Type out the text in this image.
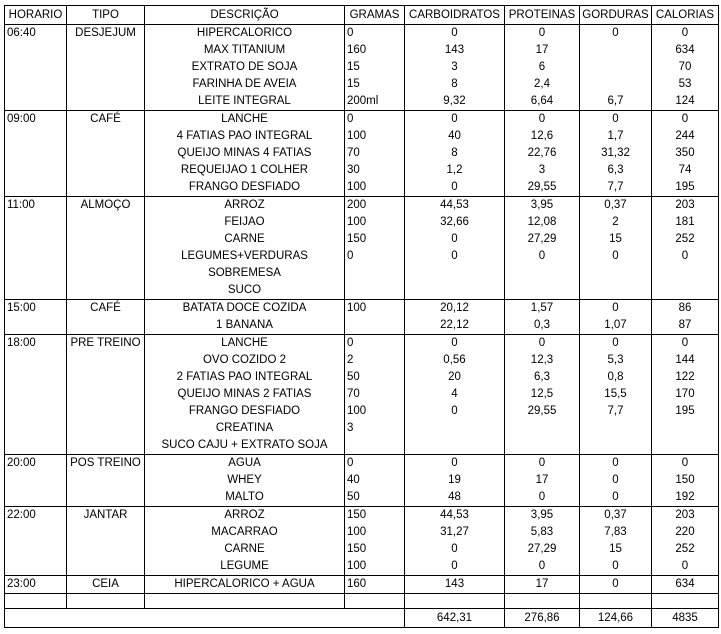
HORARIO	TIPO	DESCRIÇÃO	GRAMAS	CARBOIDRATOS	PROTEINAS	GORDURAS	CALORIAS
06:40	DESJEJUM	HIPERCALORICO	0	0	0	0	0
		MAX TITANIUM	160	143	17		634
		EXTRATO DE SOJA	15	3	6		70
		FARINHA DE AVEIA	15	8	2,4		53
		LEITE INTEGRAL	200ml	9,32	6,64	6,7	124
09:00	CAFÉ	LANCHE	0	0	0	0	0
		4 FATIAS PAO INTEGRAL	100	40	12,6	1,7	244
		QUEIJO MINAS 4 FATIAS	70	8	22,76	31,32	350
		REQUEIJAO 1 COLHER	30	1,2	3	6,3	74
		FRANGO DESFIADO	100	0	29,55	7,7	195
11:00	ALMOÇO	ARROZ	200	44,53	3,95	0,37	203
		FEIJAO	100	32,66	12,08	2	181
		CARNE	150	0	27,29	15	252
		LEGUMES+VERDURAS	0	0	0	0	0
		SOBREMESA					
		SUCO					
15:00	CAFÉ	BATATA DOCE COZIDA	100	20,12	1,57	0	86
		1 BANANA		22,12	0,3	1,07	87
18:00	PRE TREINO	LANCHE	0	0	0	0	0
		OVO COZIDO 2	2	0,56	12,3	5,3	144
		2 FATIAS PAO INTEGRAL	50	20	6,3	0,8	122
		QUEIJO MINAS 2 FATIAS	70	4	12,5	15,5	170
		FRANGO DESFIADO	100	0	29,55	7,7	195
		CREATINA	3				
		SUCO CAJU + EXTRATO SOJA					
20:00	POS TREINO	AGUA	0	0	0	0	0
		WHEY	40	19	17	0	150
		MALTO	50	48	0	0	192
22:00	JANTAR	ARROZ	150	44,53	3,95	0,37	203
		MACARRAO	100	31,27	5,83	7,83	220
		CARNE	150	0	27,29	15	252
		LEGUME	100	0	0	0	0
23:00	CEIA	HIPERCALORICO + AGUA	160	143	17	0	634

				642,31	276,86	124,66	4835
